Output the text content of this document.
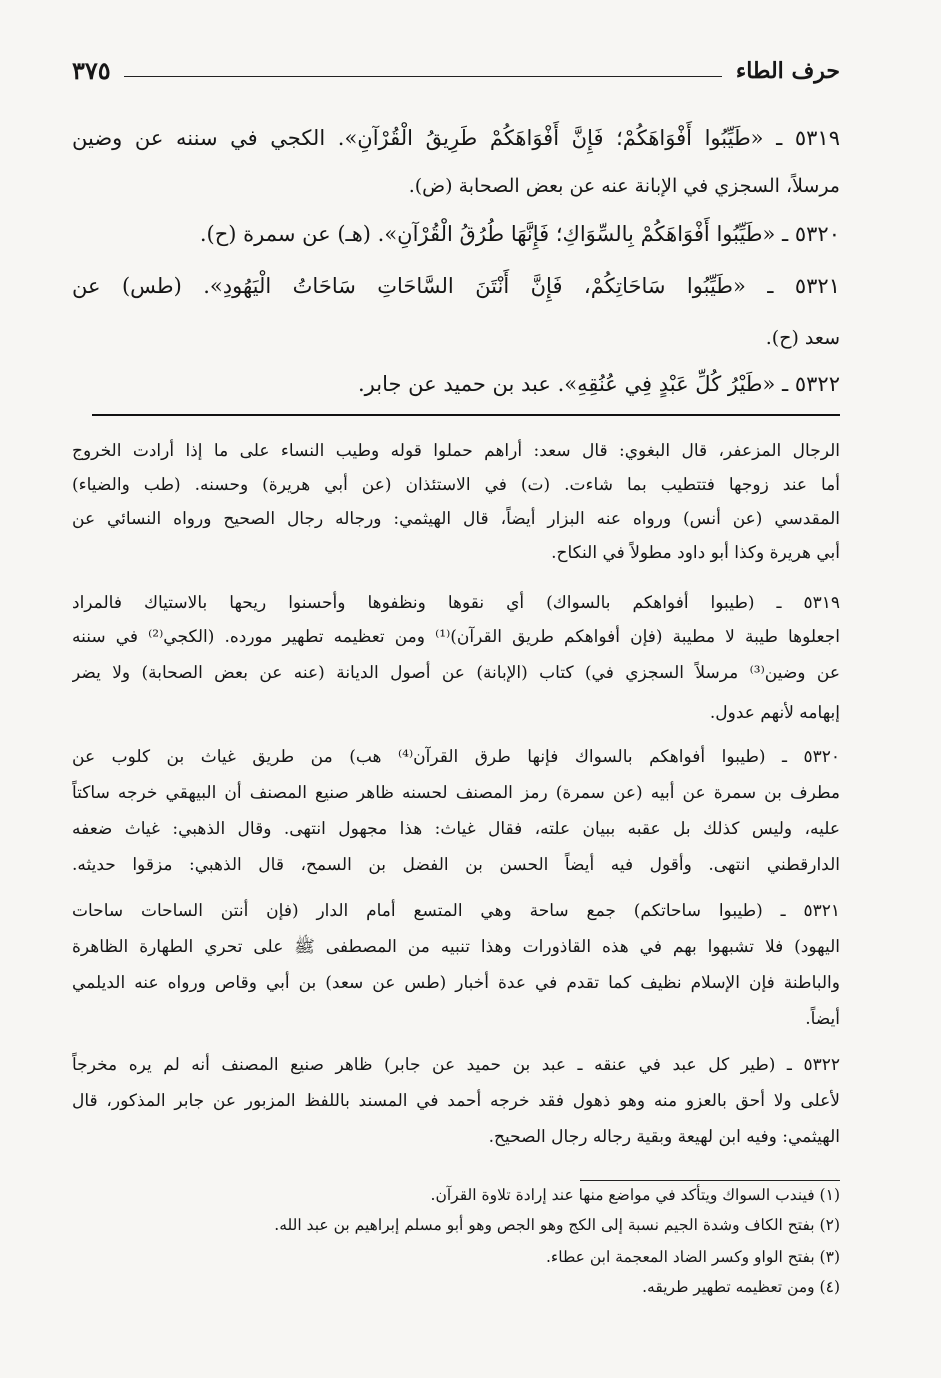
حرف الطاء
٣٧٥
٥٣١٩ ـ «طَيِّبُوا أَفْوَاهَكُمْ؛ فَإِنَّ أَفْوَاهَكُمْ طَرِيقُ الْقُرْآنِ». الكجي في سننه عن وضين
مرسلاً، السجزي في الإبانة عنه عن بعض الصحابة (ض).
٥٣٢٠ ـ «طَيِّبُوا أَفْوَاهَكُمْ بِالسِّوَاكِ؛ فَإِنَّهَا طُرُقُ الْقُرْآنِ». (هـ) عن سمرة (ح).
٥٣٢١ ـ «طَيِّبُوا سَاحَاتِكُمْ، فَإِنَّ أَنْتَنَ السَّاحَاتِ سَاحَاتُ الْيَهُودِ». (طس) عن
سعد (ح).
٥٣٢٢ ـ «طَيْرُ كُلِّ عَبْدٍ فِي عُنُقِهِ». عبد بن حميد عن جابر.
الرجال المزعفر، قال البغوي: قال سعد: أراهم حملوا قوله وطيب النساء على ما إذا أرادت الخروج
أما عند زوجها فتتطيب بما شاءت. (ت) في الاستئذان (عن أبي هريرة) وحسنه. (طب والضياء)
المقدسي (عن أنس) ورواه عنه البزار أيضاً، قال الهيثمي: ورجاله رجال الصحيح ورواه النسائي عن
أبي هريرة وكذا أبو داود مطولاً في النكاح.
٥٣١٩ ـ (طيبوا أفواهكم بالسواك) أي نقوها ونظفوها وأحسنوا ريحها بالاستياك فالمراد
اجعلوها طيبة لا مطيبة (فإن أفواهكم طريق القرآن)⁽¹⁾ ومن تعظيمه تطهير مورده. (الكجي⁽²⁾ في سننه
عن وضين⁽³⁾ مرسلاً السجزي في) كتاب (الإبانة) عن أصول الديانة (عنه عن بعض الصحابة) ولا يضر
إبهامه لأنهم عدول.
٥٣٢٠ ـ (طيبوا أفواهكم بالسواك فإنها طرق القرآن⁽⁴⁾ هب) من طريق غياث بن كلوب عن
مطرف بن سمرة عن أبيه (عن سمرة) رمز المصنف لحسنه ظاهر صنيع المصنف أن البيهقي خرجه ساكتاً
عليه، وليس كذلك بل عقبه ببيان علته، فقال غياث: هذا مجهول انتهى. وقال الذهبي: غياث ضعفه
الدارقطني انتهى. وأقول فيه أيضاً الحسن بن الفضل بن السمح، قال الذهبي: مزقوا حديثه.
٥٣٢١ ـ (طيبوا ساحاتكم) جمع ساحة وهي المتسع أمام الدار (فإن أنتن الساحات ساحات
اليهود) فلا تشبهوا بهم في هذه القاذورات وهذا تنبيه من المصطفى ﷺ على تحري الطهارة الظاهرة
والباطنة فإن الإسلام نظيف كما تقدم في عدة أخبار (طس عن سعد) بن أبي وقاص ورواه عنه الديلمي
أيضاً.
٥٣٢٢ ـ (طير كل عبد في عنقه ـ عبد بن حميد عن جابر) ظاهر صنيع المصنف أنه لم يره مخرجاً
لأعلى ولا أحق بالعزو منه وهو ذهول فقد خرجه أحمد في المسند باللفظ المزبور عن جابر المذكور، قال
الهيثمي: وفيه ابن لهيعة وبقية رجاله رجال الصحيح.
(١) فيندب السواك ويتأكد في مواضع منها عند إرادة تلاوة القرآن.
(٢) بفتح الكاف وشدة الجيم نسبة إلى الكج وهو الجص وهو أبو مسلم إبراهيم بن عبد الله.
(٣) بفتح الواو وكسر الضاد المعجمة ابن عطاء.
(٤) ومن تعظيمه تطهير طريقه.
